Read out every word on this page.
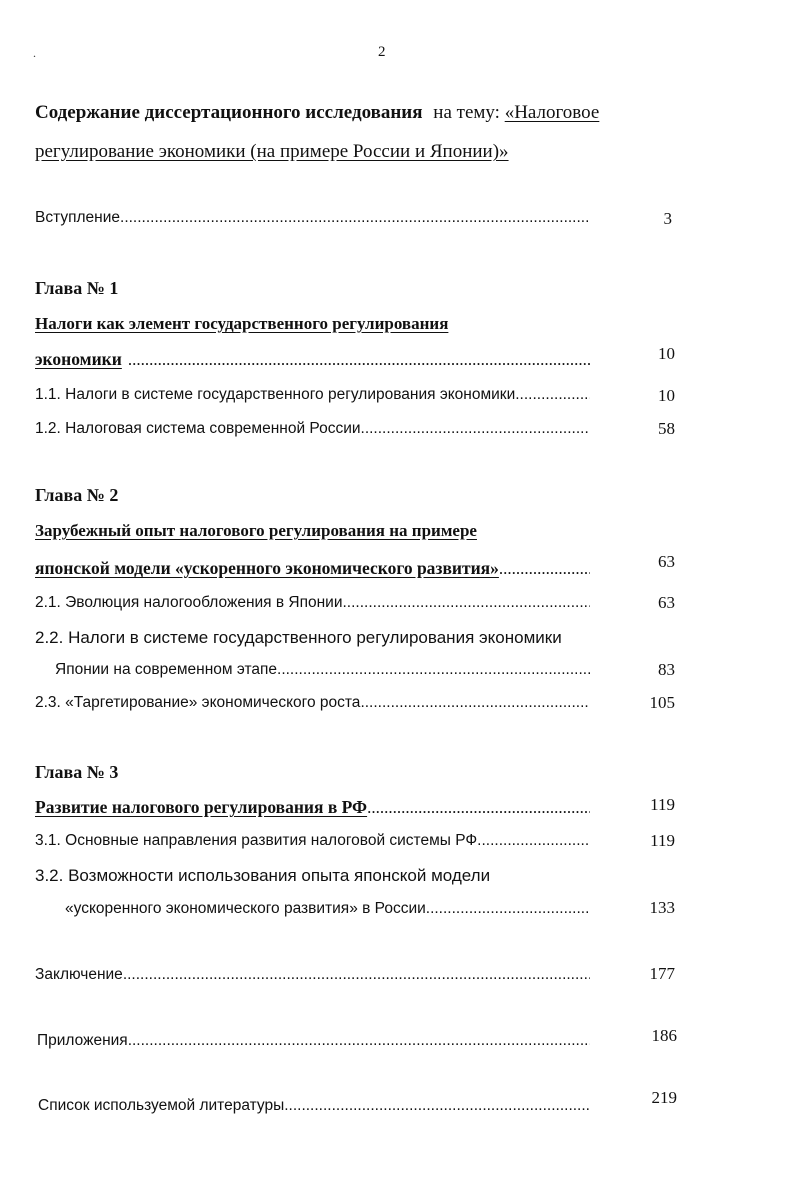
.	2
Содержание диссертационного исследования на тему: «Налоговое
регулирование экономики (на примере России и Японии)»
Вступление .....	3
Глава № 1
Налоги как элемент государственного регулирования
экономики .....	10
1.1. Налоги в системе государственного регулирования экономики .....	10
1.2. Налоговая система современной России .....	58
Глава № 2
Зарубежный опыт налогового регулирования на примере
японской модели «ускоренного экономического развития» .....	63
2.1. Эволюция налогообложения в Японии .....	63
2.2. Налоги в системе государственного регулирования экономики
Японии на современном этапе .....	83
2.3. «Таргетирование» экономического роста .....	105
Глава № 3
Развитие налогового регулирования в РФ .....	119
3.1. Основные направления развития налоговой системы РФ .....	119
3.2. Возможности использования опыта японской модели
«ускоренного экономического развития» в России .....	133
Заключение .....	177
Приложения .....	186
Список используемой литературы .....	219
